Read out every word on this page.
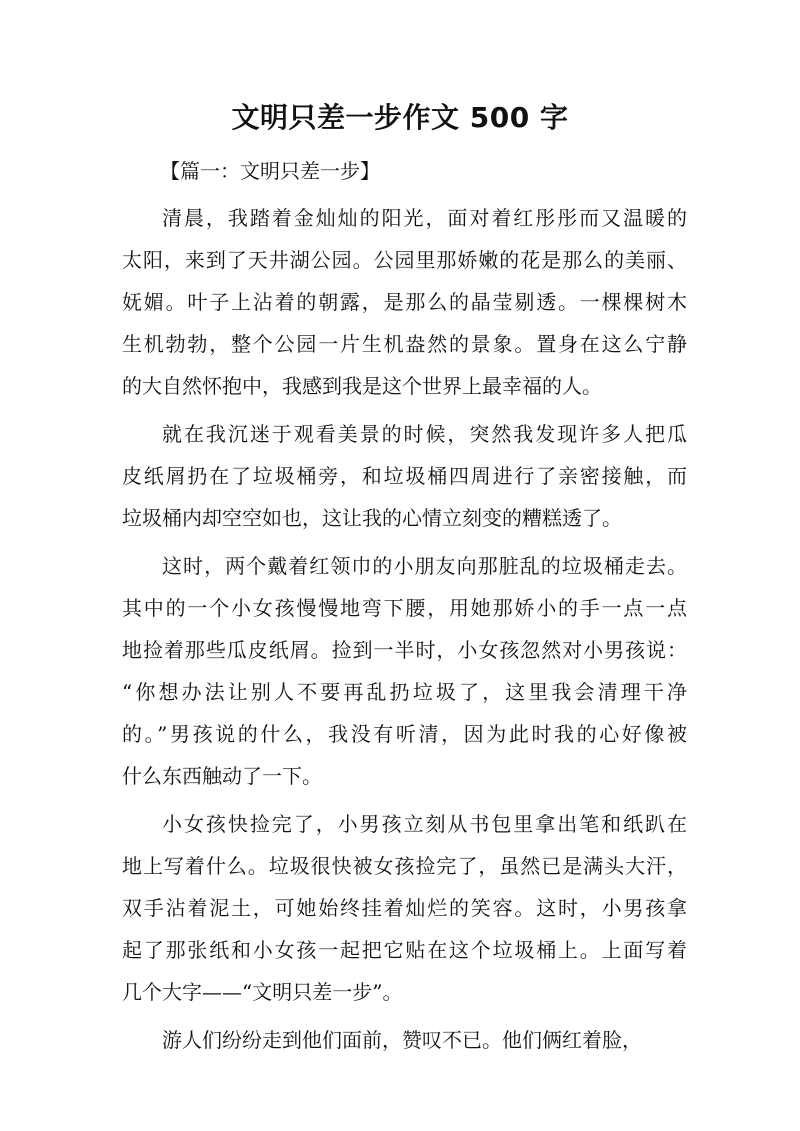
文明只差一步作文 500 字
【篇一：文明只差一步】
清晨，我踏着金灿灿的阳光，面对着红彤彤而又温暖的
太阳，来到了天井湖公园。公园里那娇嫩的花是那么的美丽、
妩媚。叶子上沾着的朝露，是那么的晶莹剔透。一棵棵树木
生机勃勃，整个公园一片生机盎然的景象。置身在这么宁静
的大自然怀抱中，我感到我是这个世界上最幸福的人。
就在我沉迷于观看美景的时候，突然我发现许多人把瓜
皮纸屑扔在了垃圾桶旁，和垃圾桶四周进行了亲密接触，而
垃圾桶内却空空如也，这让我的心情立刻变的糟糕透了。
这时，两个戴着红领巾的小朋友向那脏乱的垃圾桶走去。
其中的一个小女孩慢慢地弯下腰，用她那娇小的手一点一点
地捡着那些瓜皮纸屑。捡到一半时，小女孩忽然对小男孩说：
“你想办法让别人不要再乱扔垃圾了，这里我会清理干净
的。”男孩说的什么，我没有听清，因为此时我的心好像被
什么东西触动了一下。
小女孩快捡完了，小男孩立刻从书包里拿出笔和纸趴在
地上写着什么。垃圾很快被女孩捡完了，虽然已是满头大汗，
双手沾着泥土，可她始终挂着灿烂的笑容。这时，小男孩拿
起了那张纸和小女孩一起把它贴在这个垃圾桶上。上面写着
几个大字——“文明只差一步”。
游人们纷纷走到他们面前，赞叹不已。他们俩红着脸，
